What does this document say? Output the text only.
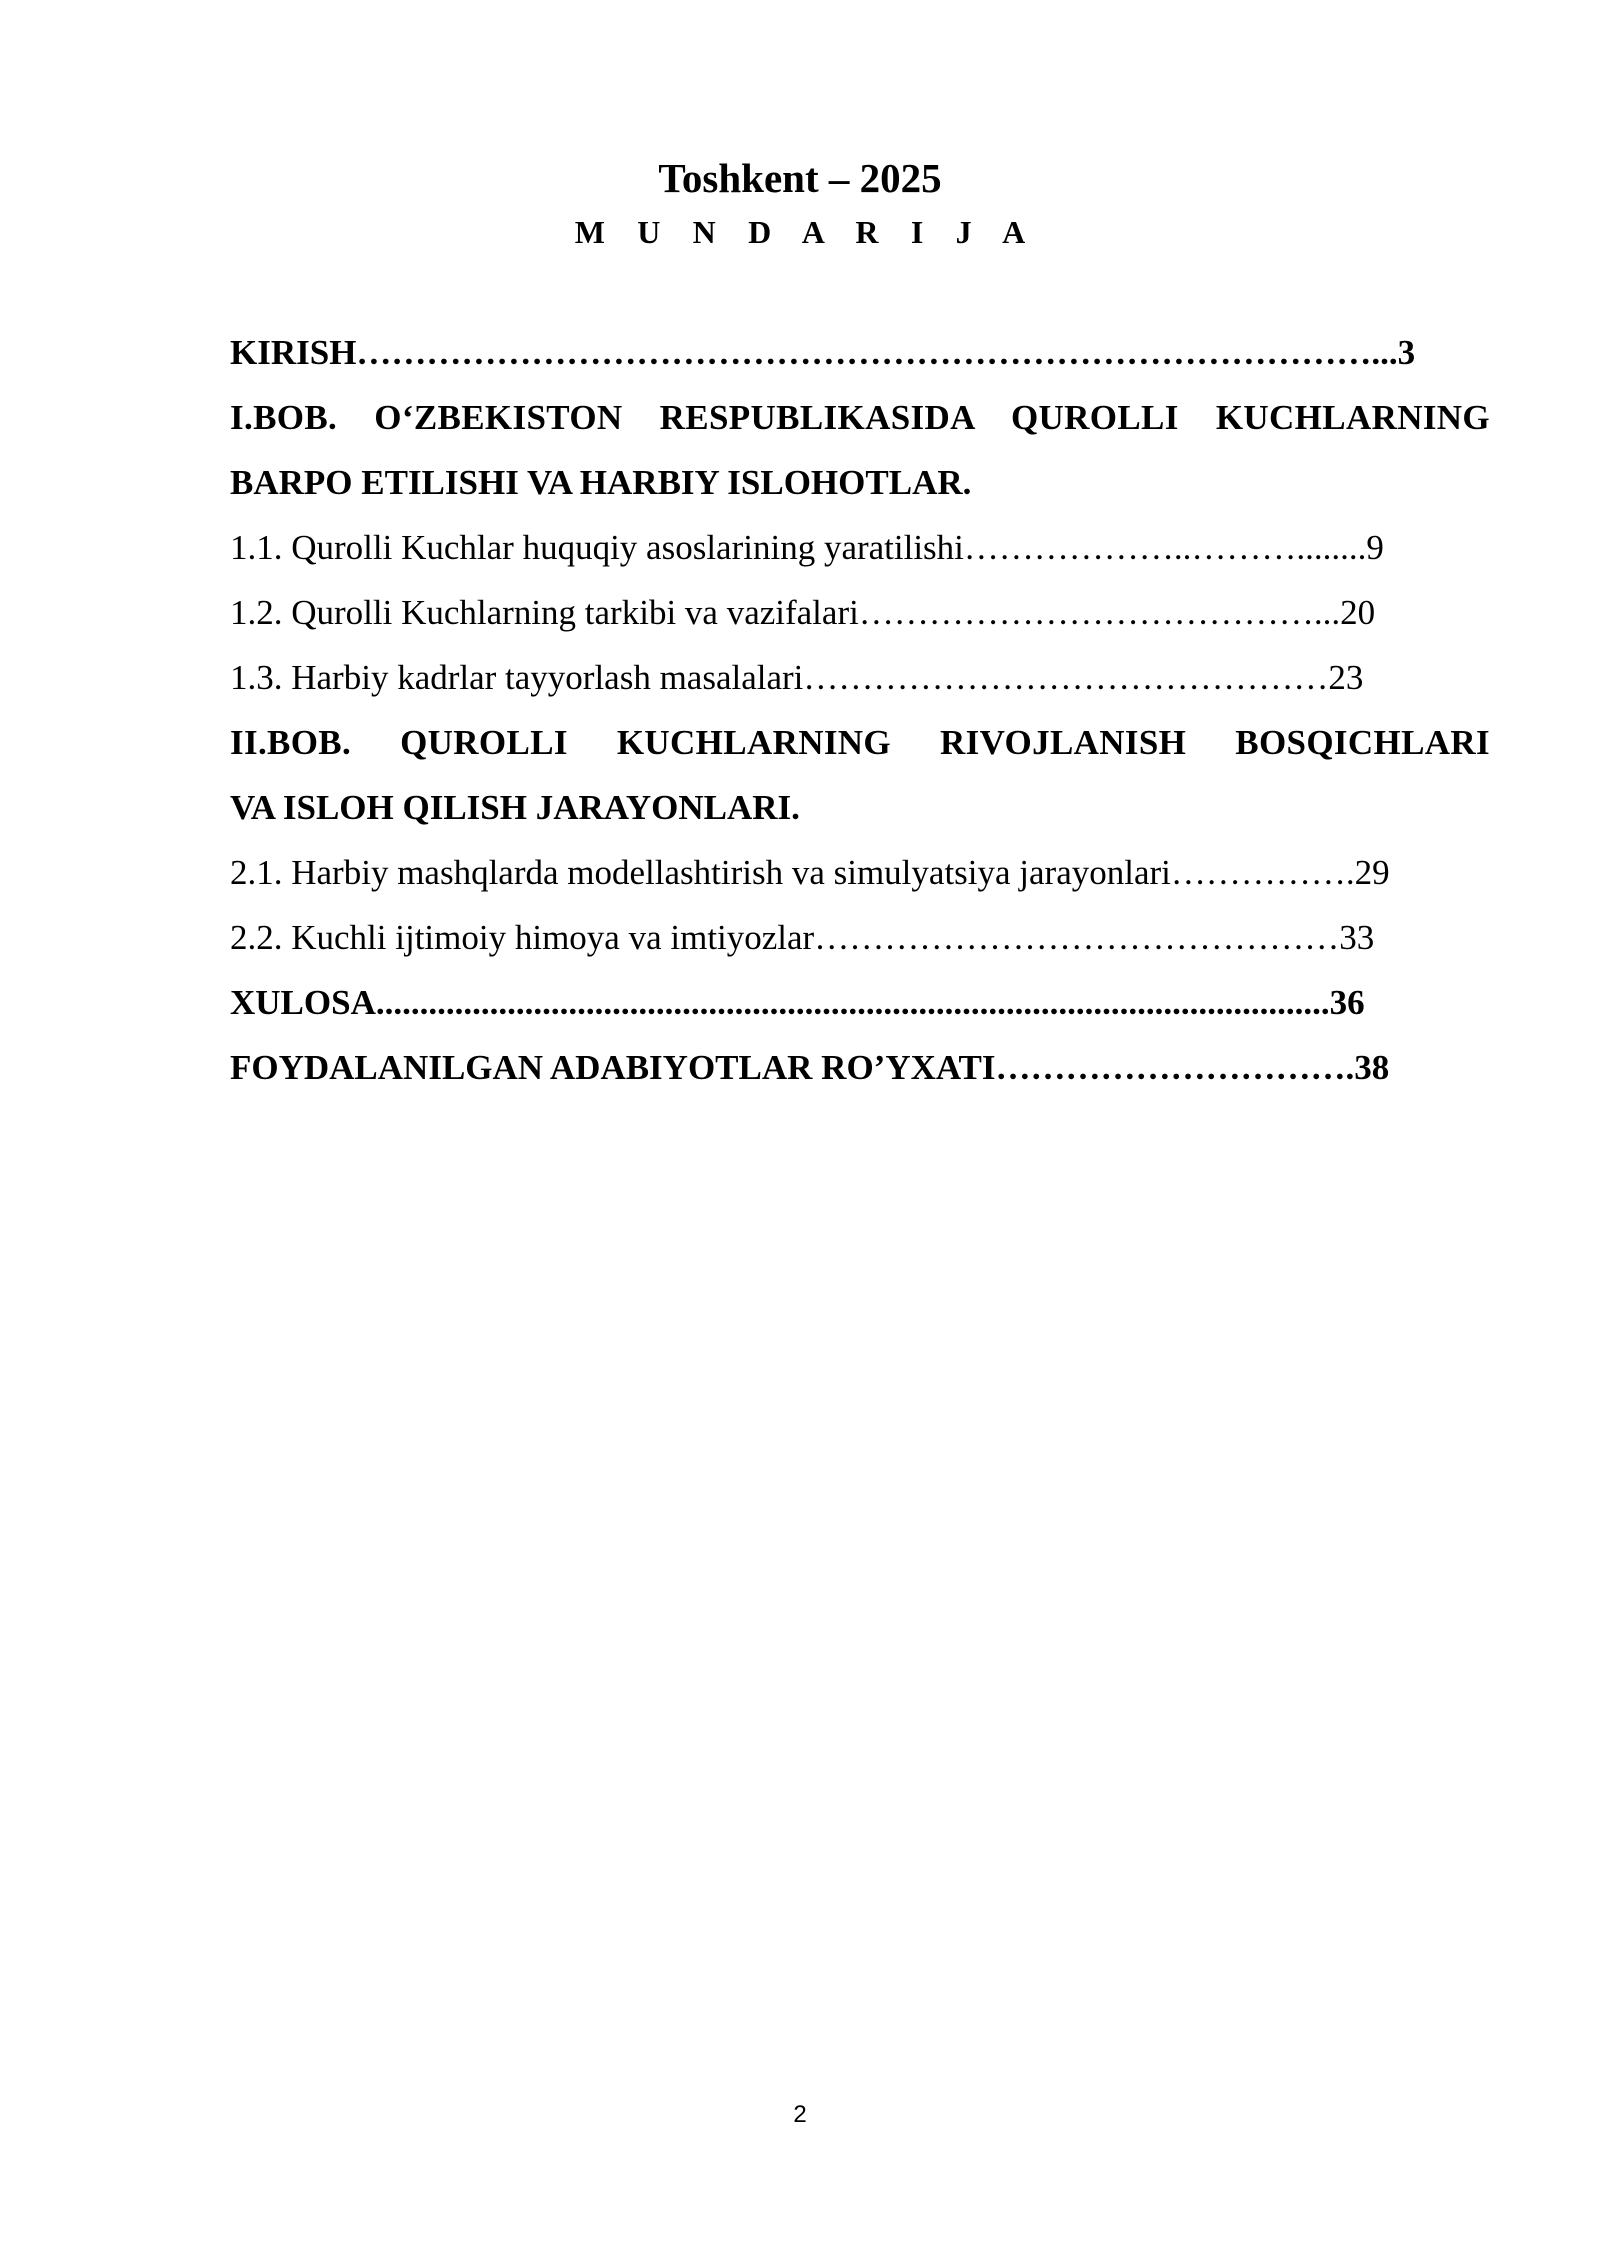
Toshkent – 2025
M U N D A R I J A
KIRISH……………………………………………………………………………...3
I.BOB. O‘ZBEKISTON RESPUBLIKASIDA QUROLLI KUCHLARNING
BARPO ETILISHI VA HARBIY ISLOHOTLAR.
1.1. Qurolli Kuchlar huquqiy asoslarining yaratilishi………………..………........9
1.2. Qurolli Kuchlarning tarkibi va vazifalari…………………………………...20
1.3. Harbiy kadrlar tayyorlash masalalari………………………………………23
II.BOB. QUROLLI KUCHLARNING RIVOJLANISH BOSQICHLARI
VA ISLOH QILISH JARAYONLARI.
2.1. Harbiy mashqlarda modellashtirish va simulyatsiya jarayonlari…………….29
2.2. Kuchli ijtimoiy himoya va imtiyozlar………………………………………33
XULOSA.............................................................................................................36
FOYDALANILGAN ADABIYOTLAR RO’YXATI………………………….38
2
